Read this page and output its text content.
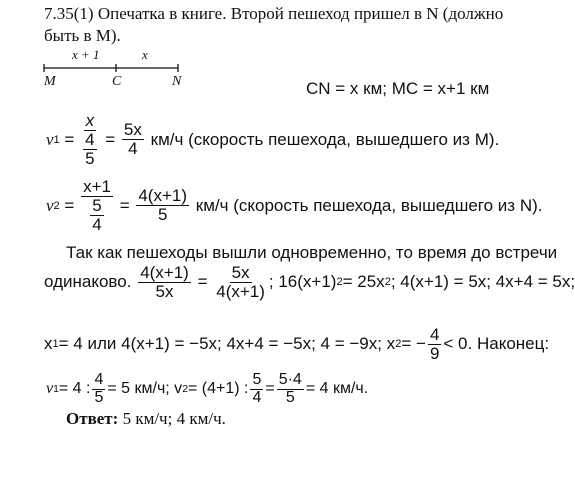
7.35(1) Опечатка в книге. Второй пешеход пришел в N (должно
быть в M).
x + 1	x
M	C	N	CN = x км; MC = x+1 км
v $1 = \frac{x}{\frac{4}{5}} = \frac{5x}{4}$
км/ч
(скорость пешехода, вышедшего из M).
v $2 = \frac{x+1}{\frac{5}{4}} = \frac{4(x+1)}{5}$
км/ч
(скорость пешехода, вышедшего из N).
Так как пешеходы вышли одновременно, то время до встречи
одинаково.
$\frac{4(x+1)}{5x} = \frac{5x}{4(x+1)}$ ; 16(x+1) 2 = 25x 2 ; 4(x+1) = 5x; 4x+4 = 5x;
x 1 = 4 или 4(x+1) = −5x; 4x+4 = −5x; 4 = −9x; x 2 = − $\frac{4}{9} < 0$. Наконец:
v 1 = 4 : $\frac{4}{5} = 5$ км/ч; v 2 = (4+1) : $\frac{5}{4} = \frac{5\cdot 4}{5} = 4$ км/ч.
Ответ: 5 км/ч; 4 км/ч.
